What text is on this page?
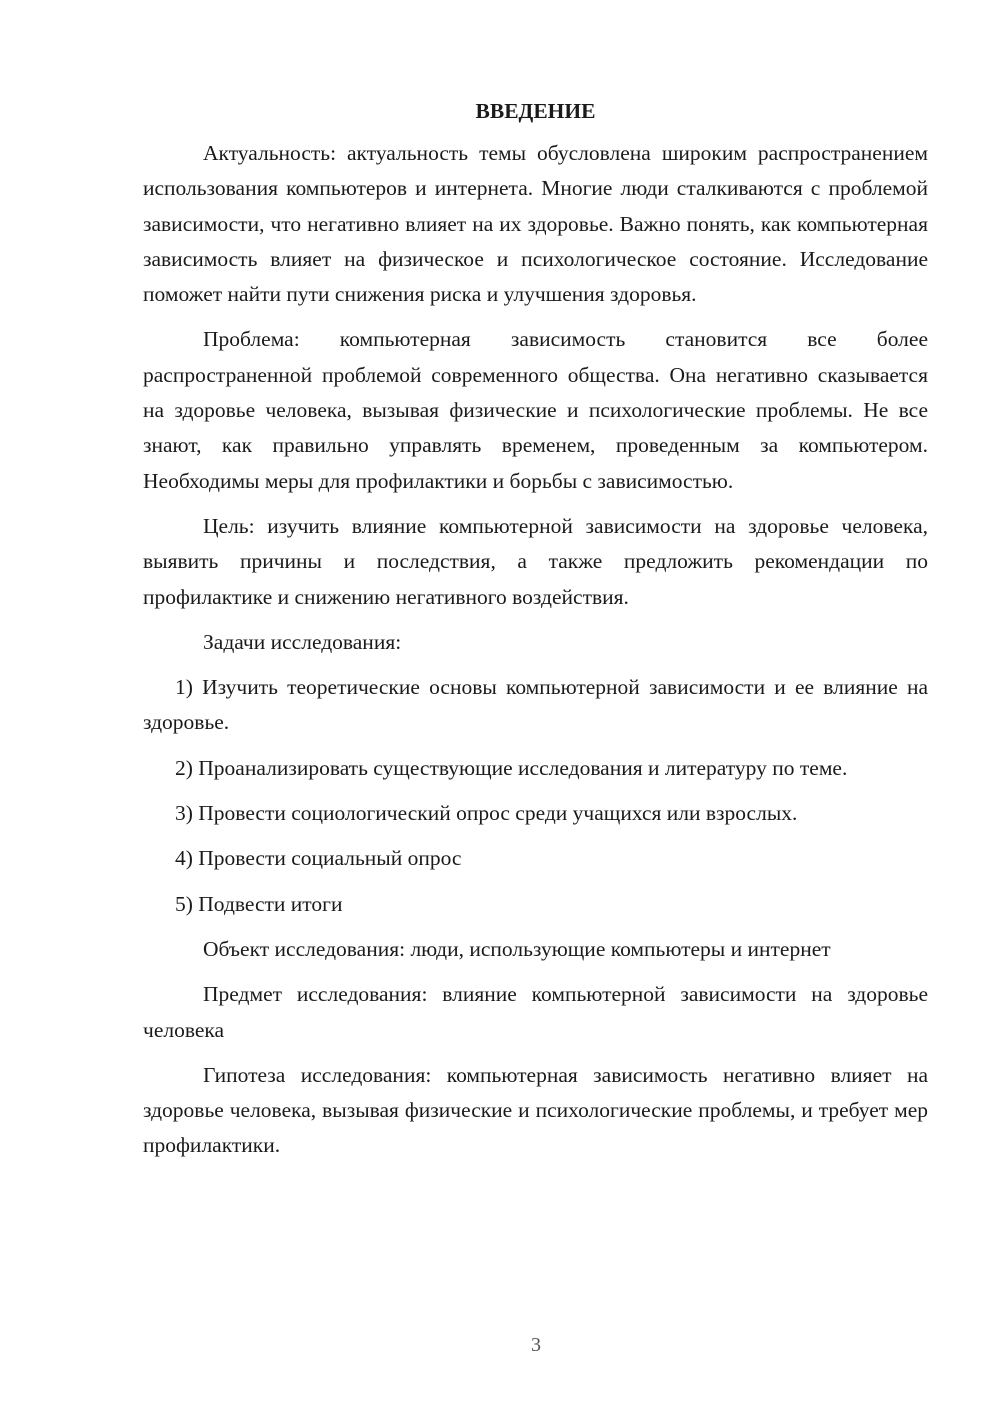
ВВЕДЕНИЕ

Актуальность: актуальность темы обусловлена широким распространением использования компьютеров и интернета. Многие люди сталкиваются с проблемой зависимости, что негативно влияет на их здоровье. Важно понять, как компьютерная зависимость влияет на физическое и психологическое состояние. Исследование поможет найти пути снижения риска и улучшения здоровья.

Проблема: компьютерная зависимость становится все более распространенной проблемой современного общества. Она негативно сказывается на здоровье человека, вызывая физические и психологические проблемы. Не все знают, как правильно управлять временем, проведенным за компьютером. Необходимы меры для профилактики и борьбы с зависимостью.

Цель: изучить влияние компьютерной зависимости на здоровье человека, выявить причины и последствия, а также предложить рекомендации по профилактике и снижению негативного воздействия.

Задачи исследования:

1) Изучить теоретические основы компьютерной зависимости и ее влияние на здоровье.

2) Проанализировать существующие исследования и литературу по теме.

3) Провести социологический опрос среди учащихся или взрослых.

4) Провести социальный опрос

5) Подвести итоги

Объект исследования: люди, использующие компьютеры и интернет

Предмет исследования: влияние компьютерной зависимости на здоровье человека

Гипотеза исследования: компьютерная зависимость негативно влияет на здоровье человека, вызывая физические и психологические проблемы, и требует мер профилактики.

3
